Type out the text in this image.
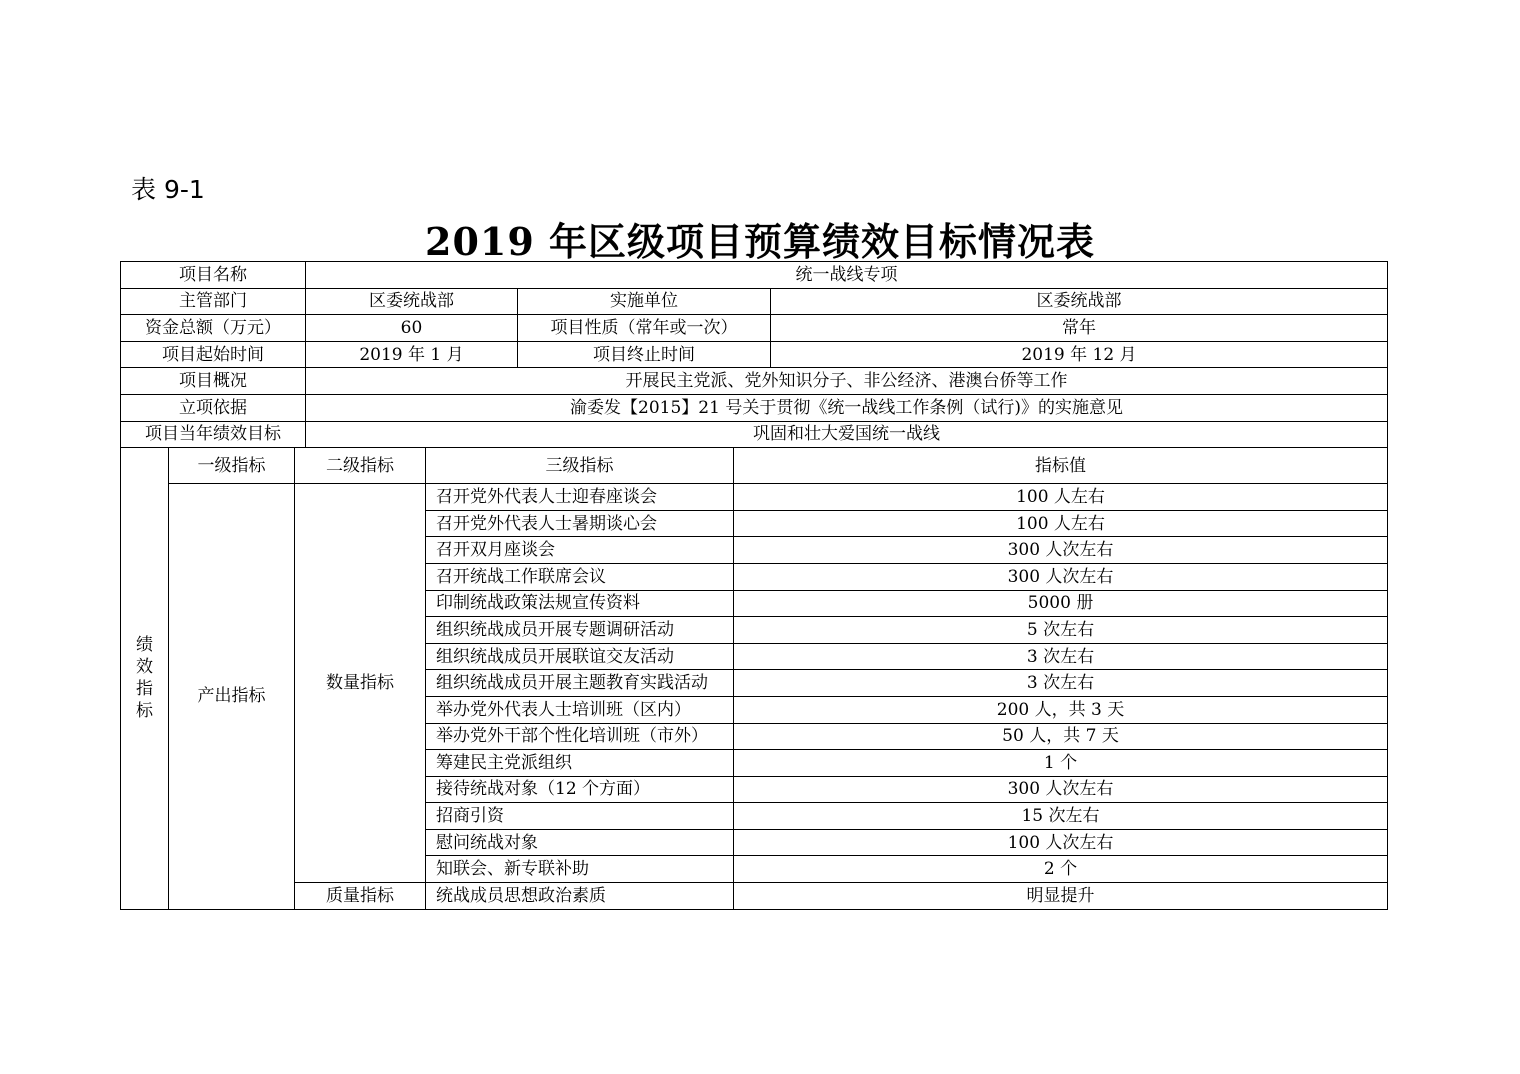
表 9-1
2019 年区级项目预算绩效目标情况表
项目名称			统一战线专项				
主管部门			区委统战部		实施单位		区委统战部
资金总额（万元）			60		项目性质（常年或一次）		常年
项目起始时间			2019 年 1 月		项目终止时间		2019 年 12 月
项目概况			开展民主党派、党外知识分子、非公经济、港澳台侨等工作				
立项依据			渝委发【2015】21 号关于贯彻《统一战线工作条例（试行)》的实施意见				
项目当年绩效目标			巩固和壮大爱国统一战线				
绩效指标	一级指标	二级指标		三级指标		指标值	
	产出指标	数量指标		召开党外代表人士迎春座谈会		100 人左右	
				召开党外代表人士暑期谈心会		100 人左右	
				召开双月座谈会		300 人次左右	
				召开统战工作联席会议		300 人次左右	
				印制统战政策法规宣传资料		5000 册	
				组织统战成员开展专题调研活动		5 次左右	
				组织统战成员开展联谊交友活动		3 次左右	
				组织统战成员开展主题教育实践活动		3 次左右	
				举办党外代表人士培训班（区内）		200 人，共 3 天	
				举办党外干部个性化培训班（市外）		50 人，共 7 天	
				筹建民主党派组织		1 个	
				接待统战对象（12 个方面）		300 人次左右	
				招商引资		15 次左右	
				慰问统战对象		100 人次左右	
				知联会、新专联补助		2 个	
		质量指标		统战成员思想政治素质		明显提升	
